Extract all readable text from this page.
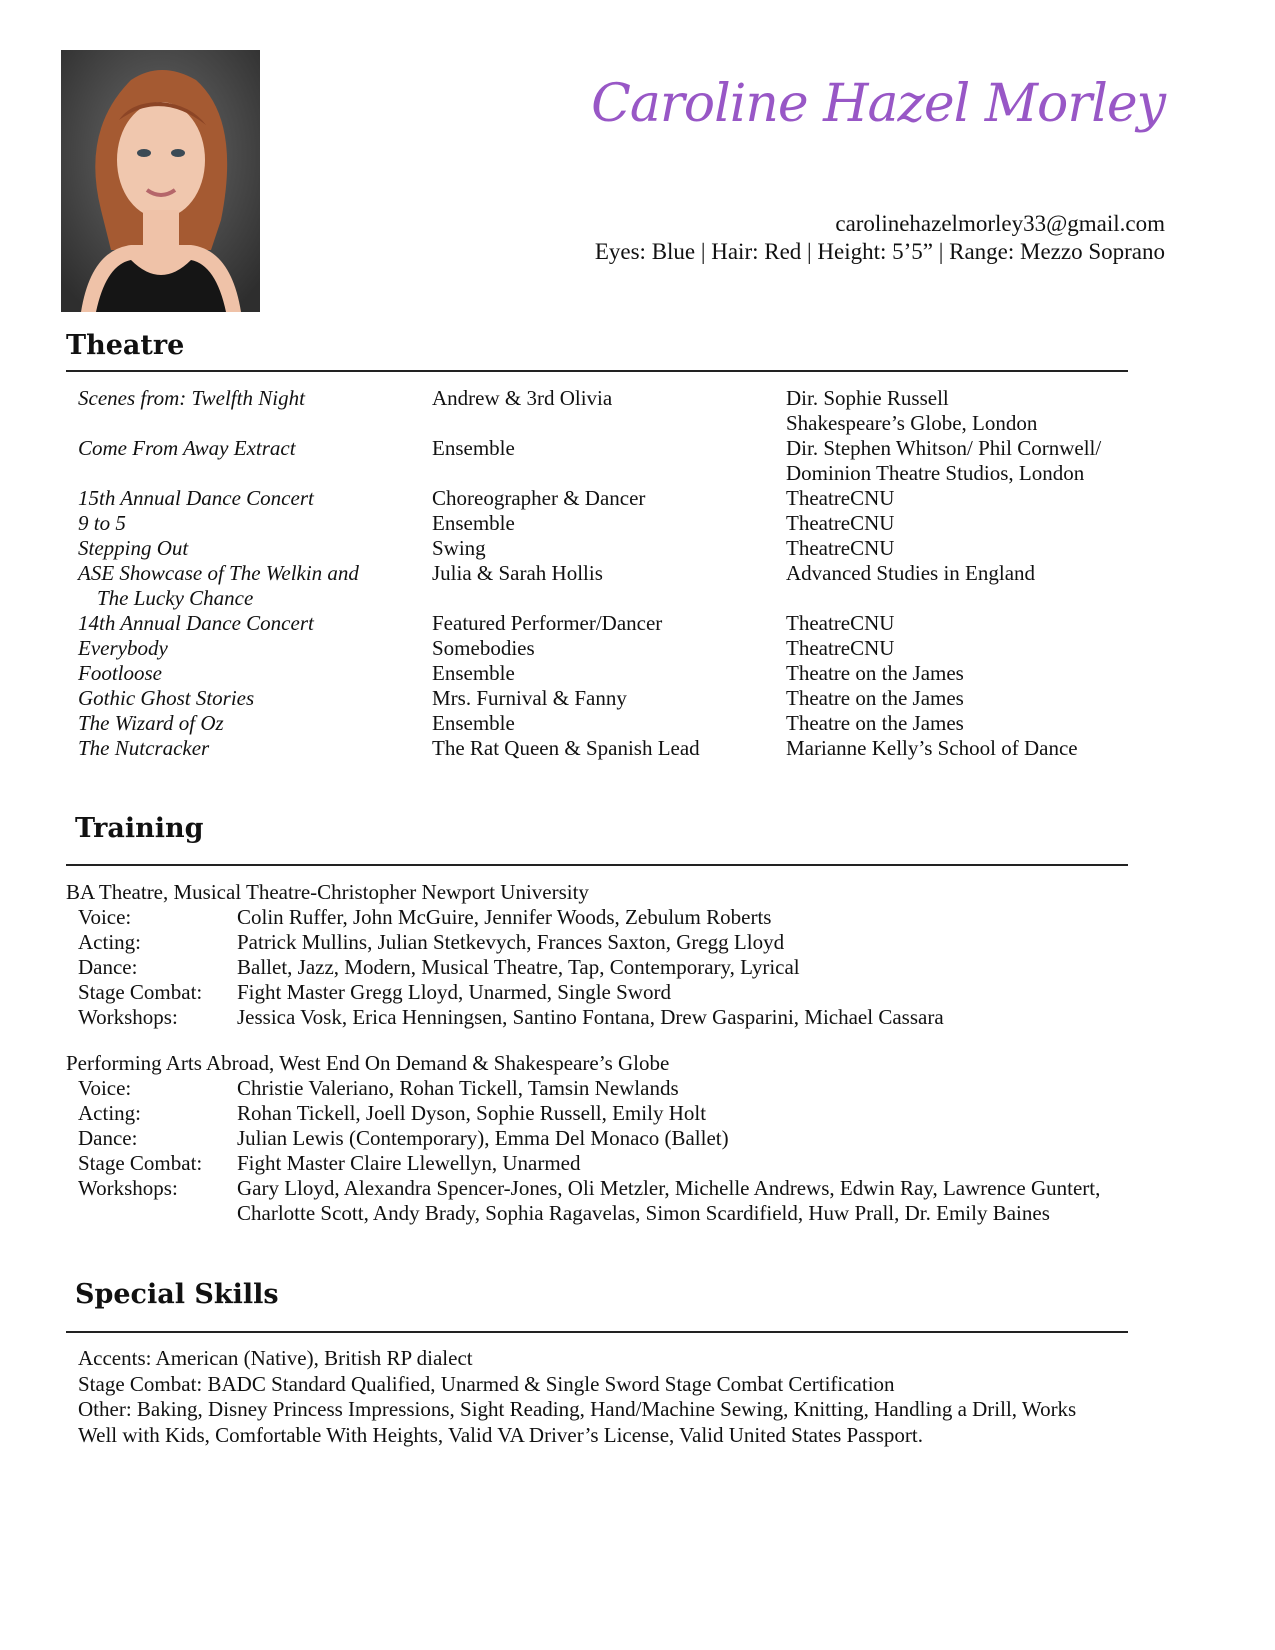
Caroline Hazel Morley
carolinehazelmorley33@gmail.com
Eyes: Blue | Hair: Red | Height: 5’5” | Range: Mezzo Soprano
Theatre
Scenes from: Twelfth Night	Andrew & 3rd Olivia	Dir. Sophie Russell
Shakespeare’s Globe, London
Come From Away Extract	Ensemble	Dir. Stephen Whitson/ Phil Cornwell/
Dominion Theatre Studios, London
15th Annual Dance Concert	Choreographer & Dancer	TheatreCNU
9 to 5	Ensemble	TheatreCNU
Stepping Out	Swing	TheatreCNU
ASE Showcase of The Welkin and	Julia & Sarah Hollis	Advanced Studies in England
The Lucky Chance
14th Annual Dance Concert	Featured Performer/Dancer	TheatreCNU
Everybody	Somebodies	TheatreCNU
Footloose	Ensemble	Theatre on the James
Gothic Ghost Stories	Mrs. Furnival & Fanny	Theatre on the James
The Wizard of Oz	Ensemble	Theatre on the James
The Nutcracker	The Rat Queen & Spanish Lead	Marianne Kelly’s School of Dance
Training
BA Theatre, Musical Theatre-Christopher Newport University
Voice:	Colin Ruffer, John McGuire, Jennifer Woods, Zebulum Roberts
Acting:	Patrick Mullins, Julian Stetkevych, Frances Saxton, Gregg Lloyd
Dance:	Ballet, Jazz, Modern, Musical Theatre, Tap, Contemporary, Lyrical
Stage Combat: Fight Master Gregg Lloyd, Unarmed, Single Sword
Workshops:	Jessica Vosk, Erica Henningsen, Santino Fontana, Drew Gasparini, Michael Cassara
Performing Arts Abroad, West End On Demand & Shakespeare’s Globe
Voice:	Christie Valeriano, Rohan Tickell, Tamsin Newlands
Acting:	Rohan Tickell, Joell Dyson, Sophie Russell, Emily Holt
Dance:	Julian Lewis (Contemporary), Emma Del Monaco (Ballet)
Stage Combat: Fight Master Claire Llewellyn, Unarmed
Workshops:	Gary Lloyd, Alexandra Spencer-Jones, Oli Metzler, Michelle Andrews, Edwin Ray, Lawrence Guntert,
Charlotte Scott, Andy Brady, Sophia Ragavelas, Simon Scardifield, Huw Prall, Dr. Emily Baines
Special Skills
Accents: American (Native), British RP dialect
Stage Combat: BADC Standard Qualified, Unarmed & Single Sword Stage Combat Certification
Other: Baking, Disney Princess Impressions, Sight Reading, Hand/Machine Sewing, Knitting, Handling a Drill, Works
Well with Kids, Comfortable With Heights, Valid VA Driver’s License, Valid United States Passport.
